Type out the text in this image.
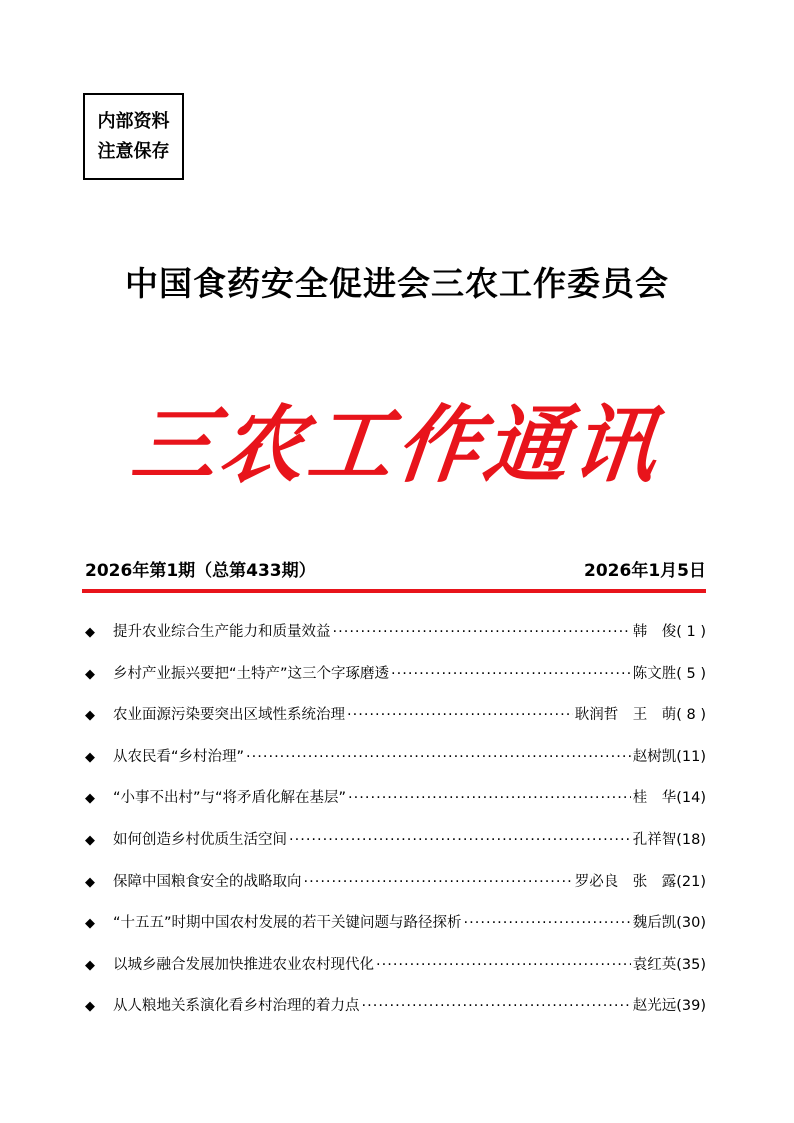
内部资料
注意保存
中国食药安全促进会三农工作委员会
三农工作通讯
2026年第1期（总第433期）	2026年1月5日
◆	提升农业综合生产能力和质量效益 ·····	韩　俊 ( 1 )
◆	乡村产业振兴要把“土特产”这三个字琢磨透 ·····	陈文胜 ( 5 )
◆	农业面源污染要突出区域性系统治理 ·····	耿润哲　王　萌 ( 8 )
◆	从农民看“乡村治理” ·····	赵树凯 (11)
◆	“小事不出村”与“将矛盾化解在基层” ·····	桂　华 (14)
◆	如何创造乡村优质生活空间 ·····	孔祥智 (18)
◆	保障中国粮食安全的战略取向 ·····	罗必良　张　露 (21)
◆	“十五五”时期中国农村发展的若干关键问题与路径探析 ·····	魏后凯 (30)
◆	以城乡融合发展加快推进农业农村现代化 ·····	袁红英 (35)
◆	从人粮地关系演化看乡村治理的着力点 ·····	赵光远 (39)
